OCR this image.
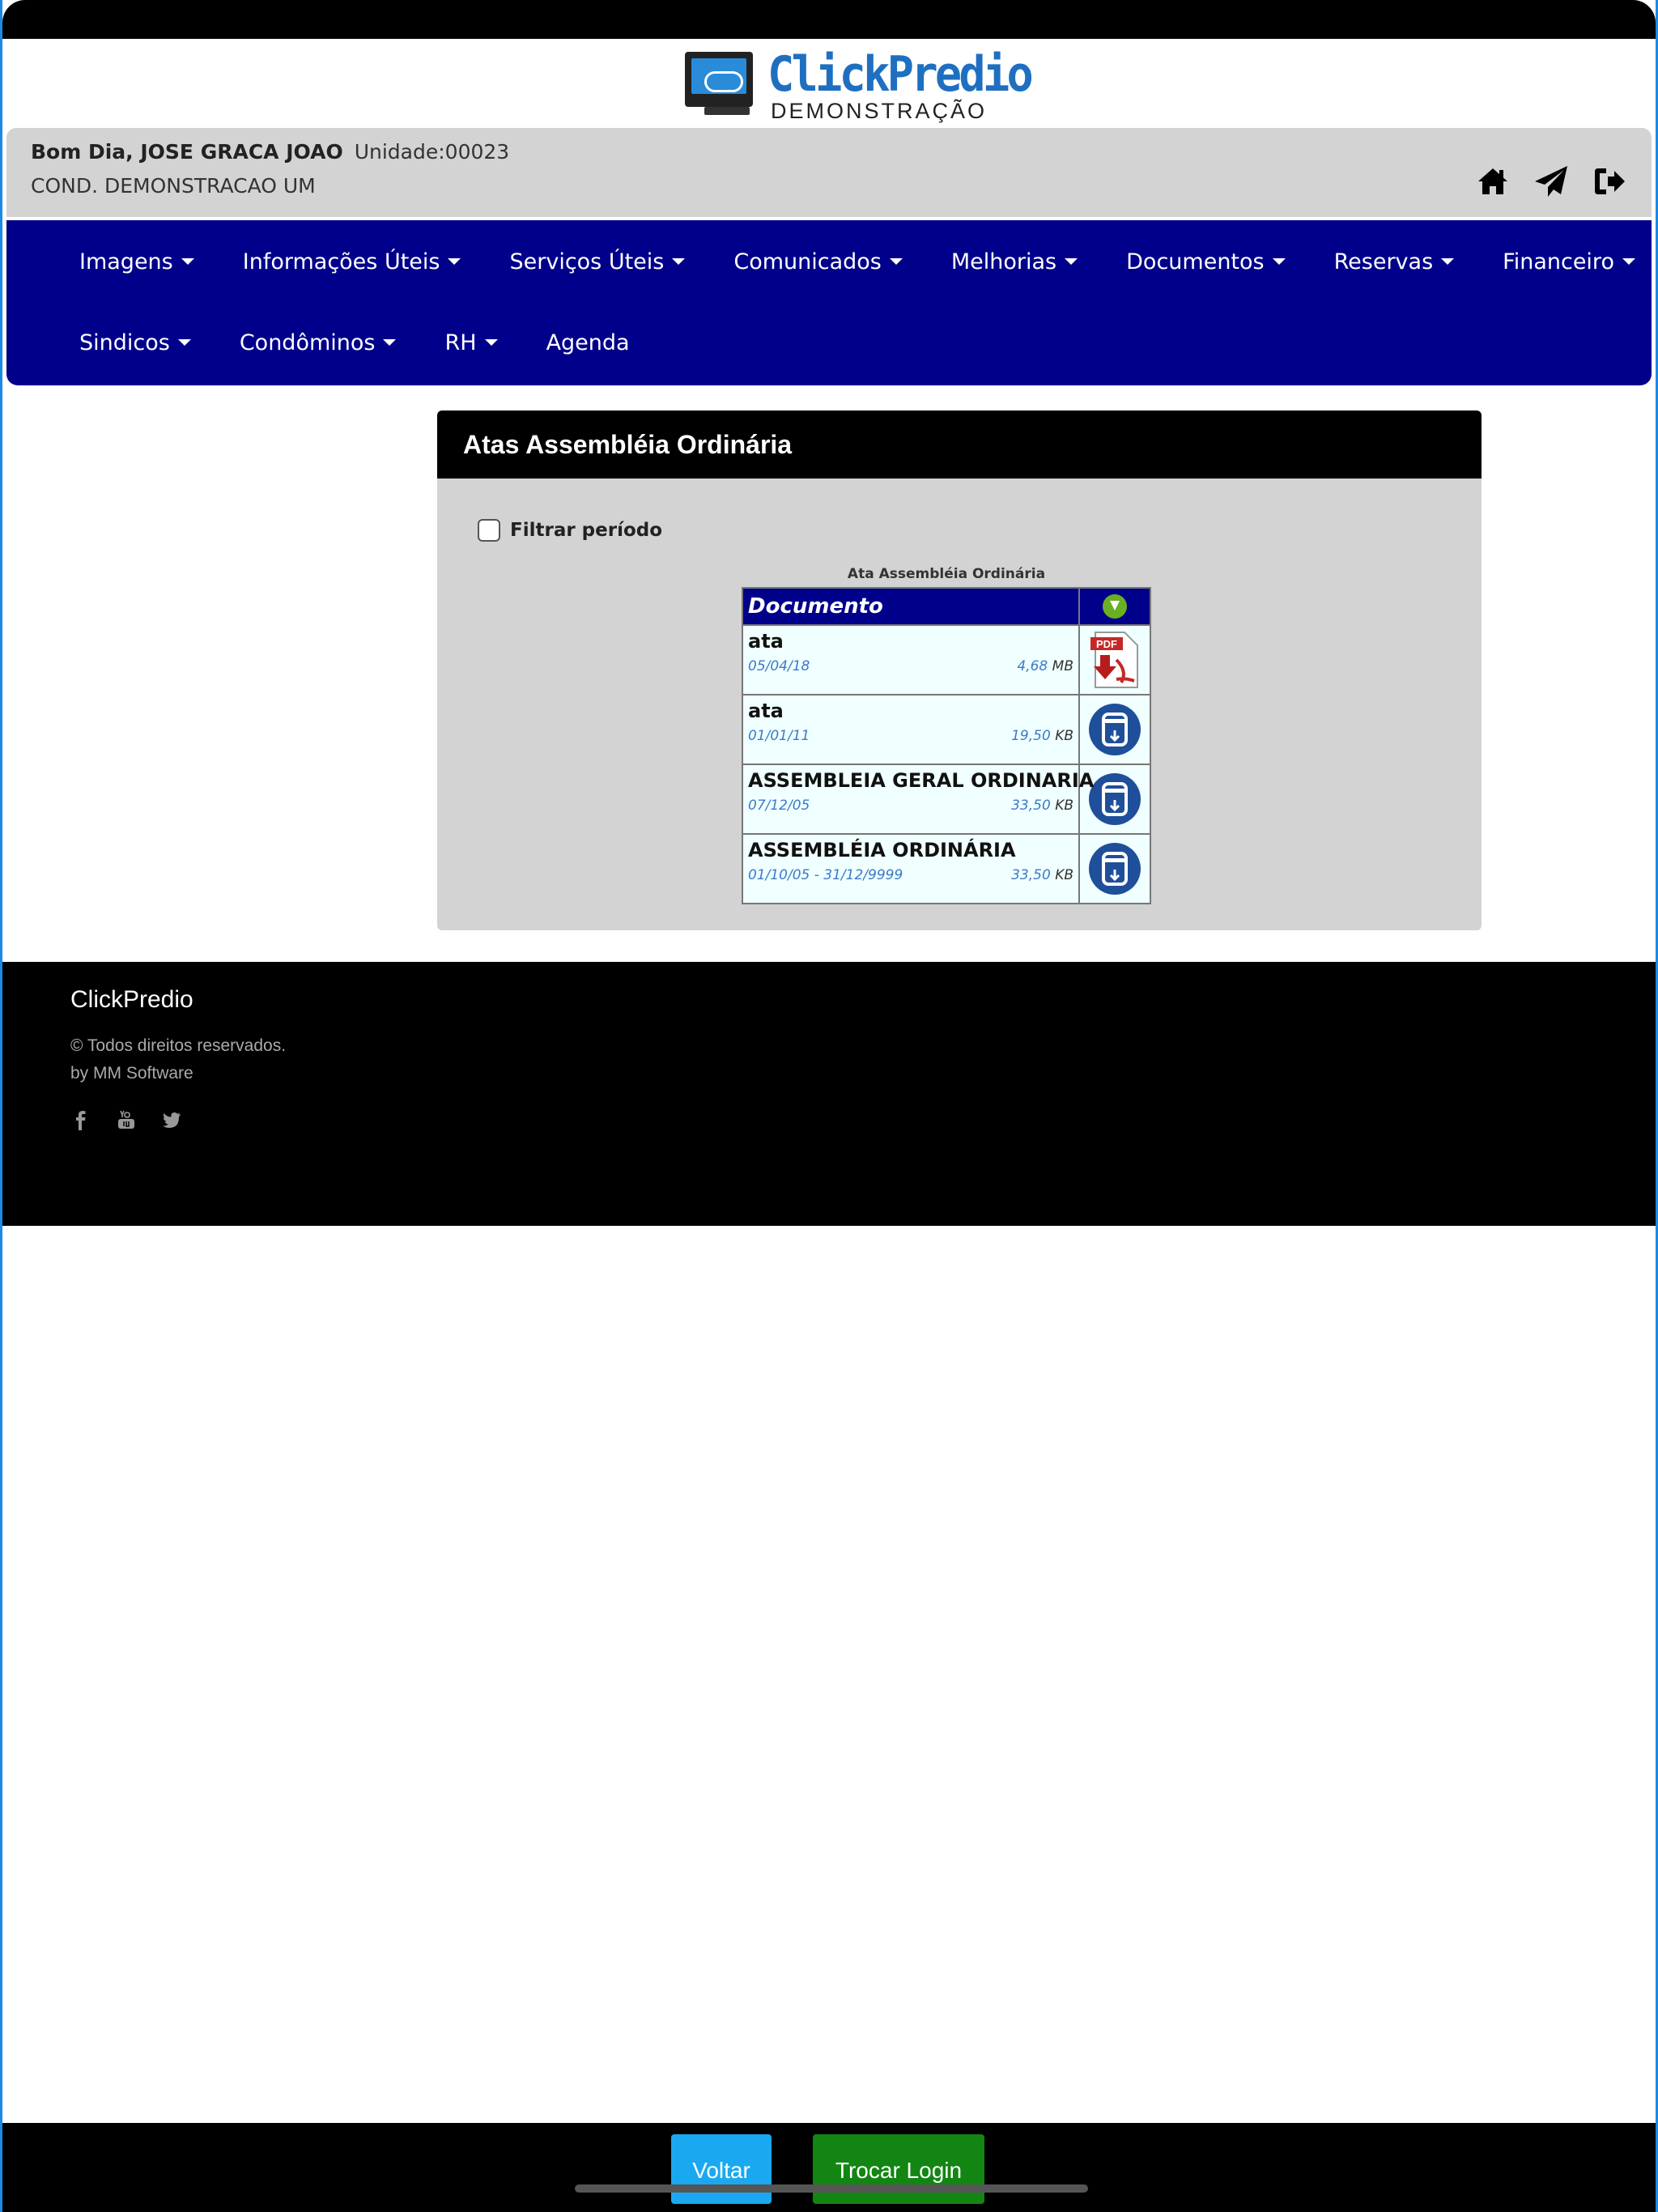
ClickPredio
DEMONSTRAÇÃO
Bom Dia, JOSE GRACA JOAO Unidade:00023
COND. DEMONSTRACAO UM
Imagens	Informações Úteis	Serviços Úteis	Comunicados	Melhorias	Documentos	Reservas	Financeiro
Sindicos	Condôminos	RH	Agenda
Atas Assembléia Ordinária
Filtrar período
Ata Assembléia Ordinária
Documento
ata
05/04/18	4,68 MB
PDF
ata
01/01/11	19,50 KB
ASSEMBLEIA GERAL ORDINARIA
07/12/05	33,50 KB
ASSEMBLÉIA ORDINÁRIA
01/10/05 - 31/12/9999	33,50 KB
ClickPredio
© Todos direitos reservados.
by MM Software
Voltar	Trocar Login
